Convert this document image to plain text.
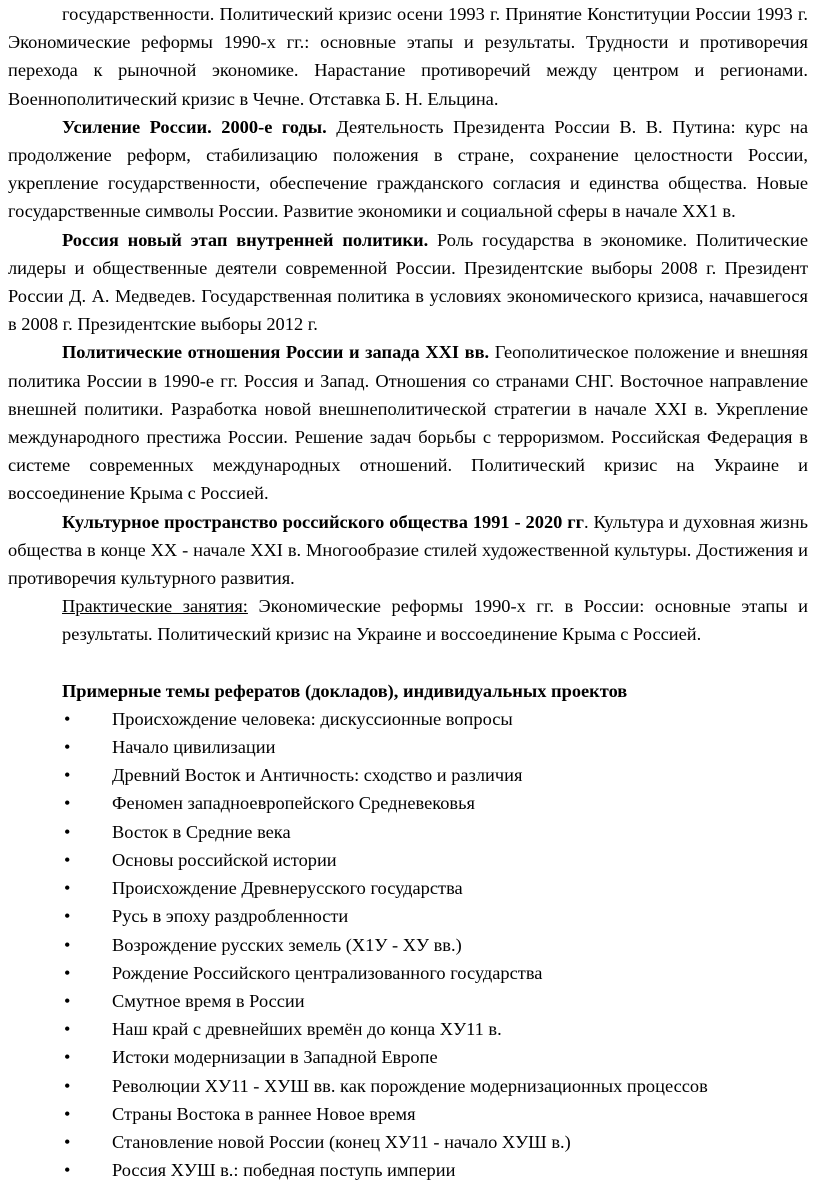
государственности. Политический кризис осени 1993 г. Принятие Конституции России 1993 г. Экономические реформы 1990-х гг.: основные этапы и результаты. Трудности и противоречия перехода к рыночной экономике. Нарастание противоречий между центром и регионами. Военнополитический кризис в Чечне. Отставка Б. Н. Ельцина.

Усиление России. 2000-е годы. Деятельность Президента России В. В. Путина: курс на продолжение реформ, стабилизацию положения в стране, сохранение целостности России, укрепление государственности, обеспечение гражданского согласия и единства общества. Новые государственные символы России. Развитие экономики и социальной сферы в начале ХХ1 в.

Россия новый этап внутренней политики. Роль государства в экономике. Политические лидеры и общественные деятели современной России. Президентские выборы 2008 г. Президент России Д. А. Медведев. Государственная политика в условиях экономического кризиса, начавшегося в 2008 г. Президентские выборы 2012 г.

Политические отношения России и запада XXI вв. Геополитическое положение и внешняя политика России в 1990-е гг. Россия и Запад. Отношения со странами СНГ. Восточное направление внешней политики. Разработка новой внешнеполитической стратегии в начале XXI в. Укрепление международного престижа России. Решение задач борьбы с терроризмом. Российская Федерация в системе современных международных отношений. Политический кризис на Украине и воссоединение Крыма с Россией.

Культурное пространство российского общества 1991 - 2020 гг. Культура и духовная жизнь общества в конце XX - начале XXI в. Многообразие стилей художественной культуры. Достижения и противоречия культурного развития.

Практические занятия: Экономические реформы 1990-х гг. в России: основные этапы и результаты. Политический кризис на Украине и воссоединение Крыма с Россией.

Примерные темы рефератов (докладов), индивидуальных проектов

• Происхождение человека: дискуссионные вопросы
• Начало цивилизации
• Древний Восток и Античность: сходство и различия
• Феномен западноевропейского Средневековья
• Восток в Средние века
• Основы российской истории
• Происхождение Древнерусского государства
• Русь в эпоху раздробленности
• Возрождение русских земель (Х1У - ХУ вв.)
• Рождение Российского централизованного государства
• Смутное время в России
• Наш край с древнейших времён до конца ХУ11 в.
• Истоки модернизации в Западной Европе
• Революции ХУ11 - ХУШ вв. как порождение модернизационных процессов
• Страны Востока в раннее Новое время
• Становление новой России (конец ХУ11 - начало ХУШ в.)
• Россия ХУШ в.: победная поступь империи
